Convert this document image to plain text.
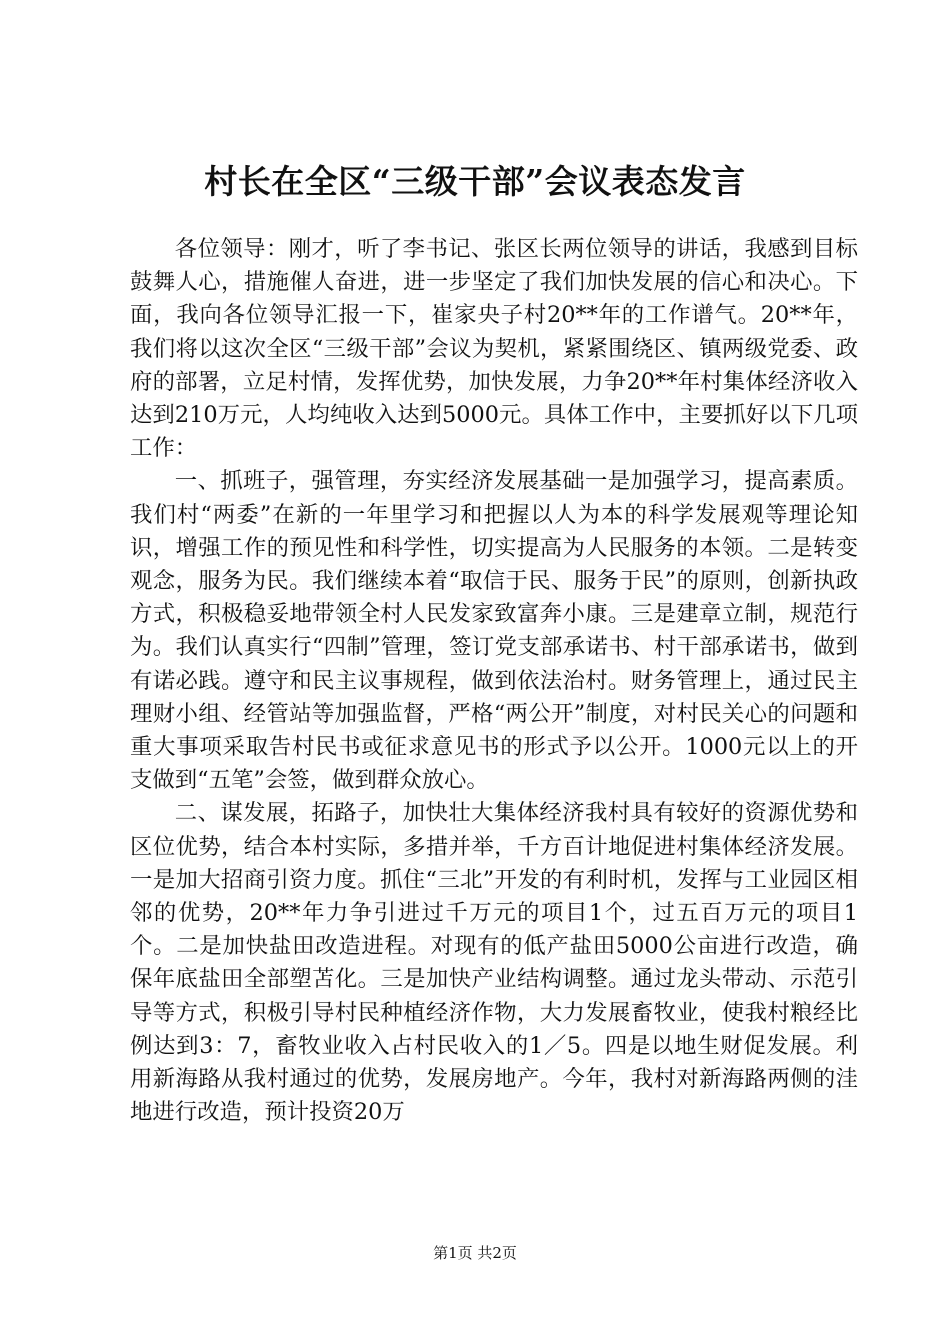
村长在全区“三级干部”会议表态发言

各位领导：刚才，听了李书记、张区长两位领导的讲话，我感到目标鼓舞人心，措施催人奋进，进一步坚定了我们加快发展的信心和决心。下面，我向各位领导汇报一下，崔家央子村20**年的工作谱气。20**年，我们将以这次全区“三级干部”会议为契机，紧紧围绕区、镇两级党委、政府的部署，立足村情，发挥优势，加快发展，力争20**年村集体经济收入达到210万元，人均纯收入达到5000元。具体工作中，主要抓好以下几项工作：

一、抓班子，强管理，夯实经济发展基础一是加强学习，提高素质。我们村“两委”在新的一年里学习和把握以人为本的科学发展观等理论知识，增强工作的预见性和科学性，切实提高为人民服务的本领。二是转变观念，服务为民。我们继续本着“取信于民、服务于民”的原则，创新执政方式，积极稳妥地带领全村人民发家致富奔小康。三是建章立制，规范行为。我们认真实行“四制”管理，签订党支部承诺书、村干部承诺书，做到有诺必践。遵守和民主议事规程，做到依法治村。财务管理上，通过民主理财小组、经管站等加强监督，严格“两公开”制度，对村民关心的问题和重大事项采取告村民书或征求意见书的形式予以公开。1000元以上的开支做到“五笔”会签，做到群众放心。

二、谋发展，拓路子，加快壮大集体经济我村具有较好的资源优势和区位优势，结合本村实际，多措并举，千方百计地促进村集体经济发展。一是加大招商引资力度。抓住“三北”开发的有利时机，发挥与工业园区相邻的优势，20**年力争引进过千万元的项目1个，过五百万元的项目1个。二是加快盐田改造进程。对现有的低产盐田5000公亩进行改造，确保年底盐田全部塑苫化。三是加快产业结构调整。通过龙头带动、示范引导等方式，积极引导村民种植经济作物，大力发展畜牧业，使我村粮经比例达到3：7，畜牧业收入占村民收入的1／5。四是以地生财促发展。利用新海路从我村通过的优势，发展房地产。今年，我村对新海路两侧的洼地进行改造，预计投资20万

第1页 共2页
